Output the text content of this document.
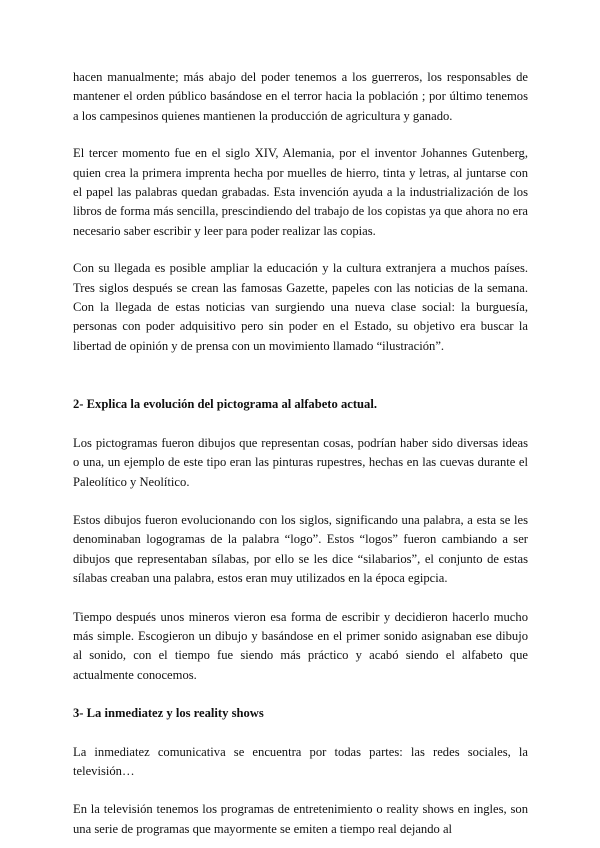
hacen manualmente; más abajo del poder tenemos a los guerreros, los responsables de mantener el orden público basándose en el terror hacia la población ; por último tenemos a los campesinos quienes mantienen la producción de agricultura y ganado.

El tercer momento fue en el siglo XIV, Alemania, por el inventor Johannes Gutenberg, quien crea la primera imprenta hecha por muelles de hierro, tinta y letras, al juntarse con el papel las palabras quedan grabadas. Esta invención ayuda a la industrialización de los libros de forma más sencilla, prescindiendo del trabajo de los copistas ya que ahora no era necesario saber escribir y leer para poder realizar las copias.

Con su llegada es posible ampliar la educación y la cultura extranjera a muchos países. Tres siglos después se crean las famosas Gazette, papeles con las noticias de la semana. Con la llegada de estas noticias van surgiendo una nueva clase social: la burguesía, personas con poder adquisitivo pero sin poder en el Estado, su objetivo era buscar la libertad de opinión y de prensa con un movimiento llamado “ilustración”.

2- Explica la evolución del pictograma al alfabeto actual.

Los pictogramas fueron dibujos que representan cosas, podrían haber sido diversas ideas o una, un ejemplo de este tipo eran las pinturas rupestres, hechas en las cuevas durante el Paleolítico y Neolítico.

Estos dibujos fueron evolucionando con los siglos, significando una palabra, a esta se les denominaban logogramas de la palabra “logo”. Estos “logos” fueron cambiando a ser dibujos que representaban sílabas, por ello se les dice “silabarios”, el conjunto de estas sílabas creaban una palabra, estos eran muy utilizados en la época egipcia.

Tiempo después unos mineros vieron esa forma de escribir y decidieron hacerlo mucho más simple. Escogieron un dibujo y basándose en el primer sonido asignaban ese dibujo al sonido, con el tiempo fue siendo más práctico y acabó siendo el alfabeto que actualmente conocemos.

3- La inmediatez y los reality shows

La inmediatez comunicativa se encuentra por todas partes: las redes sociales, la televisión…

En la televisión tenemos los programas de entretenimiento o reality shows en ingles, son una serie de programas que mayormente se emiten a tiempo real dejando al
